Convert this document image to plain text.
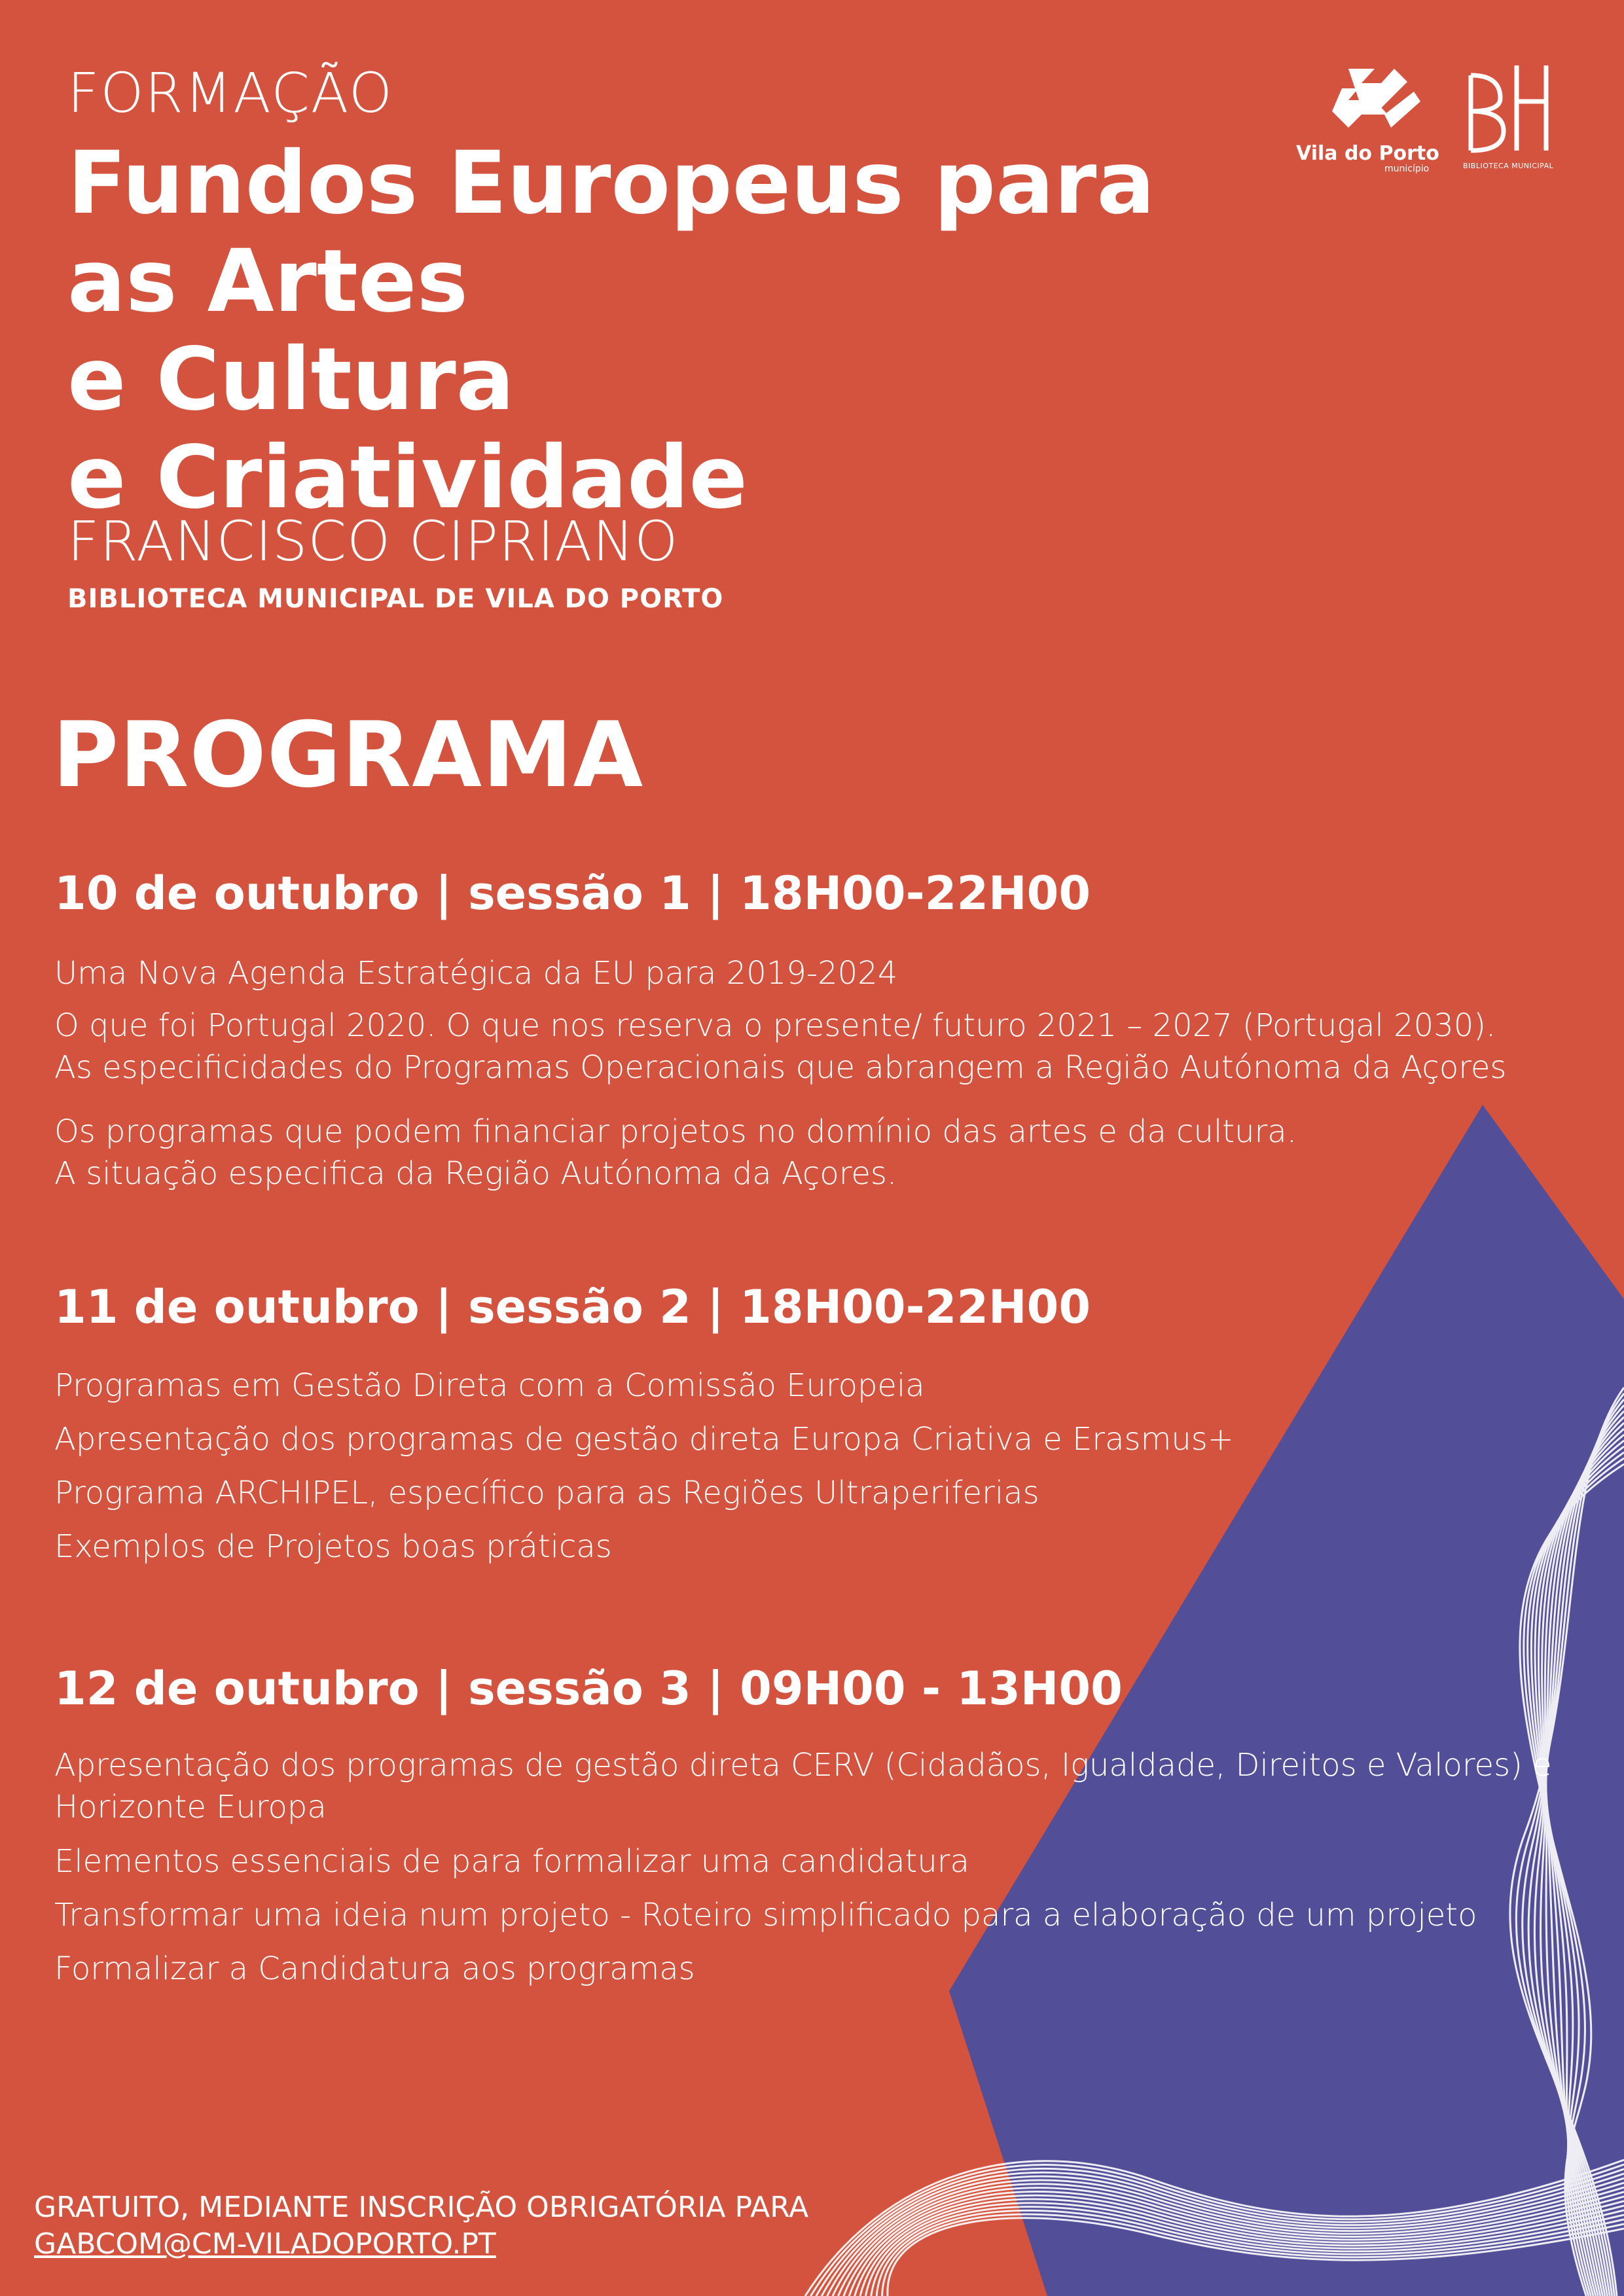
FORMAÇÃO
Fundos Europeus para
as Artes
e Cultura
e Criatividade
FRANCISCO CIPRIANO
BIBLIOTECA MUNICIPAL DE VILA DO PORTO
Vila do Porto
município	BIBLIOTECA MUNICIPAL
PROGRAMA
10 de outubro | sessão 1 | 18H00-22H00
Uma Nova Agenda Estratégica da EU para 2019-2024
O que foi Portugal 2020. O que nos reserva o presente/ futuro 2021 – 2027 (Portugal 2030).
As especificidades do Programas Operacionais que abrangem a Região Autónoma da Açores
Os programas que podem financiar projetos no domínio das artes e da cultura.
A situação especifica da Região Autónoma da Açores.
11 de outubro | sessão 2 | 18H00-22H00
Programas em Gestão Direta com a Comissão Europeia
Apresentação dos programas de gestão direta Europa Criativa e Erasmus+
Programa ARCHIPEL, específico para as Regiões Ultraperiferias
Exemplos de Projetos boas práticas
12 de outubro | sessão 3 | 09H00 - 13H00
Apresentação dos programas de gestão direta CERV (Cidadãos, Igualdade, Direitos e Valores) e
Horizonte Europa
Elementos essenciais de para formalizar uma candidatura
Transformar uma ideia num projeto - Roteiro simplificado para a elaboração de um projeto
Formalizar a Candidatura aos programas
GRATUITO, MEDIANTE INSCRIÇÃO OBRIGATÓRIA PARA
GABCOM@CM-VILADOPORTO.PT
